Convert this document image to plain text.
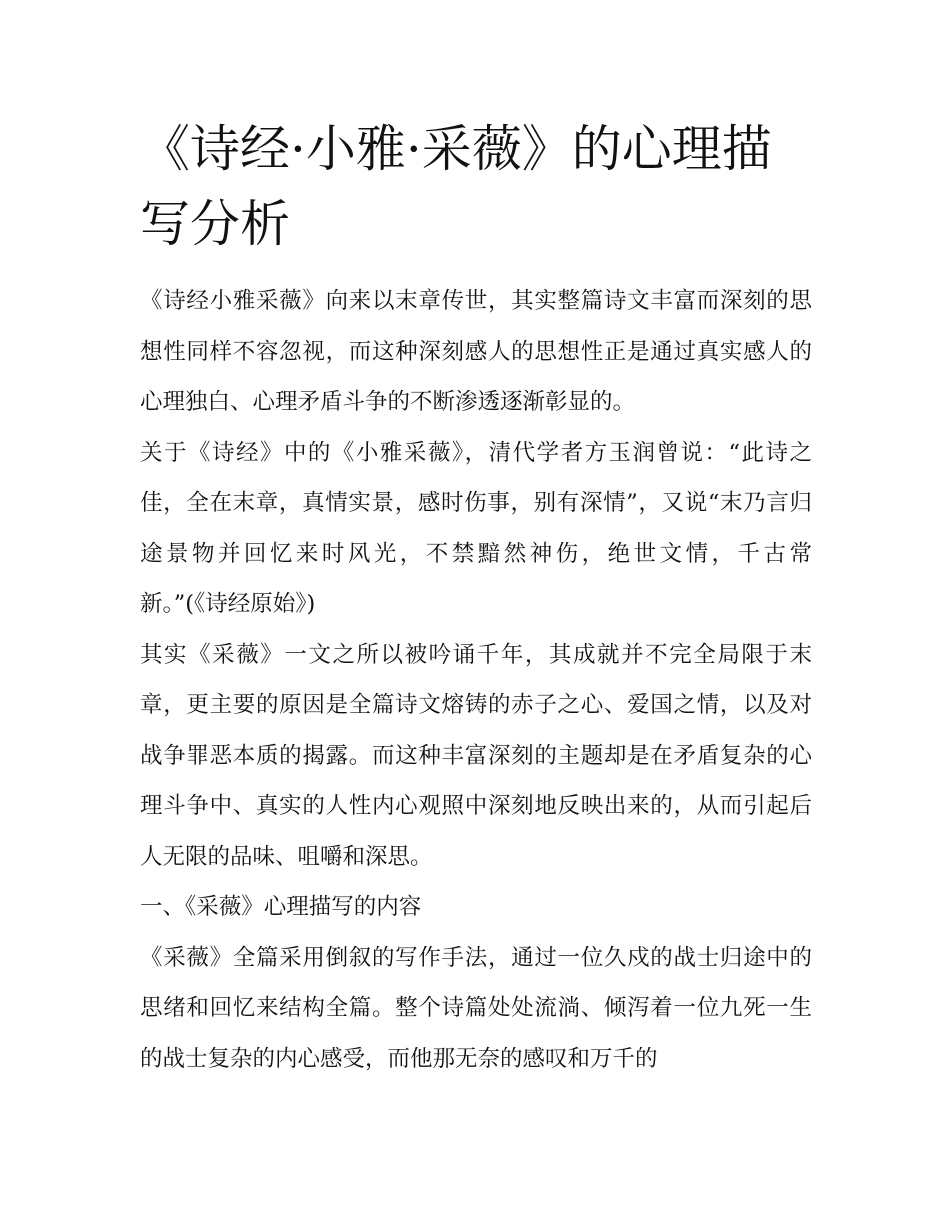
《诗经·小雅·采薇》的心理描写分析

《诗经小雅采薇》向来以末章传世，其实整篇诗文丰富而深刻的思想性同样不容忽视，而这种深刻感人的思想性正是通过真实感人的心理独白、心理矛盾斗争的不断渗透逐渐彰显的。

关于《诗经》中的《小雅采薇》，清代学者方玉润曾说：“此诗之佳，全在末章，真情实景，感时伤事，别有深情”，又说“末乃言归途景物并回忆来时风光，不禁黯然神伤，绝世文情，千古常新。”(《诗经原始》)

其实《采薇》一文之所以被吟诵千年，其成就并不完全局限于末章，更主要的原因是全篇诗文熔铸的赤子之心、爱国之情，以及对战争罪恶本质的揭露。而这种丰富深刻的主题却是在矛盾复杂的心理斗争中、真实的人性内心观照中深刻地反映出来的，从而引起后人无限的品味、咀嚼和深思。

一、《采薇》心理描写的内容

《采薇》全篇采用倒叙的写作手法，通过一位久戍的战士归途中的思绪和回忆来结构全篇。整个诗篇处处流淌、倾泻着一位九死一生的战士复杂的内心感受，而他那无奈的感叹和万千的
